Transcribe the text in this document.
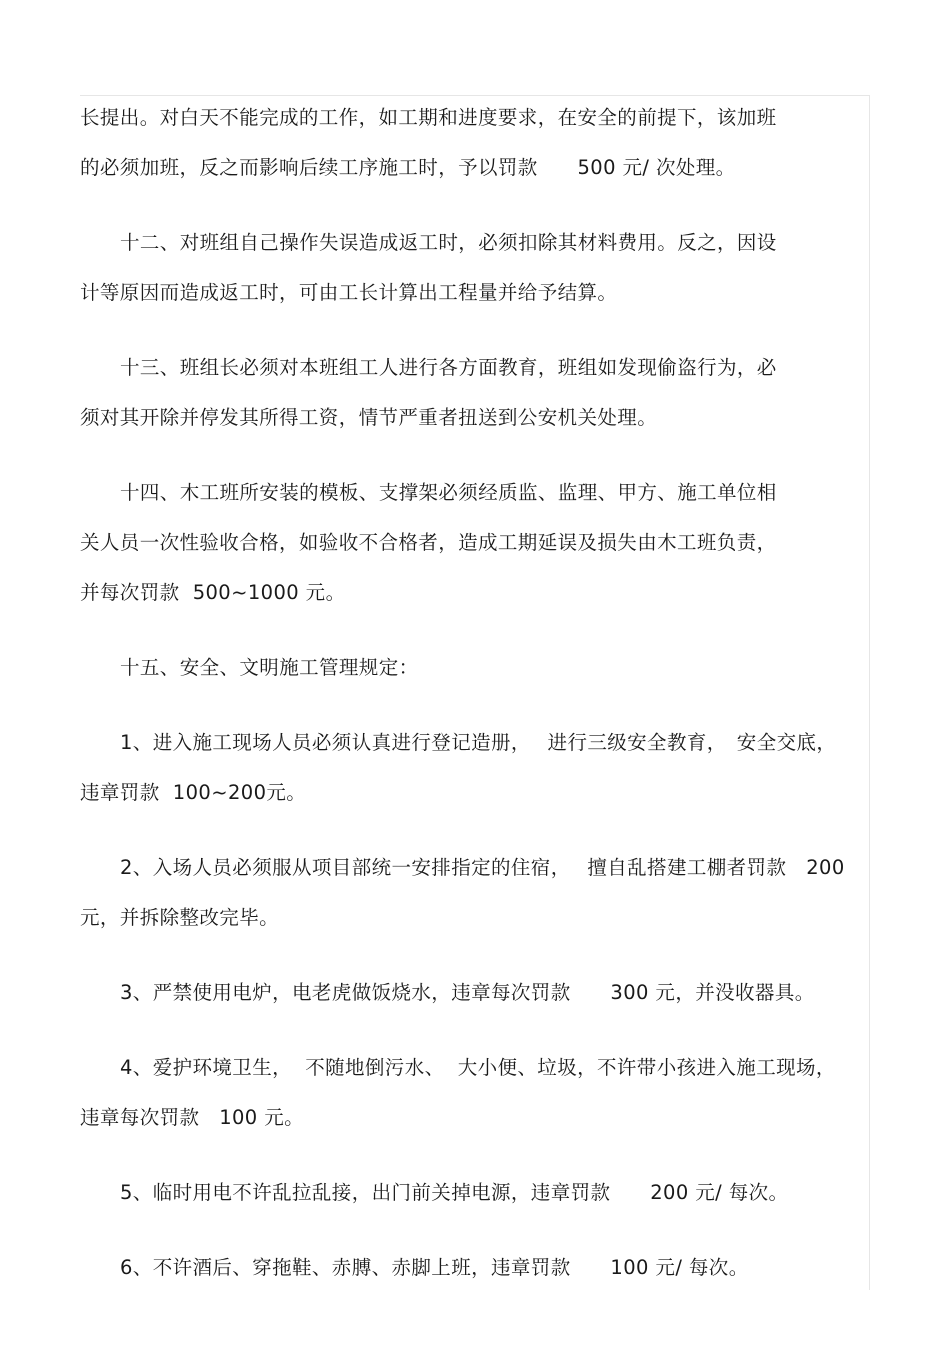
长提出。对白天不能完成的工作，如工期和进度要求，在安全的前提下，该加班
的必须加班，反之而影响后续工序施工时，予以罚款　　500 元/ 次处理。
十二、对班组自己操作失误造成返工时，必须扣除其材料费用。反之，因设
计等原因而造成返工时，可由工长计算出工程量并给予结算。
十三、班组长必须对本班组工人进行各方面教育，班组如发现偷盗行为，必
须对其开除并停发其所得工资，情节严重者扭送到公安机关处理。
十四、木工班所安装的模板、支撑架必须经质监、监理、甲方、施工单位相
关人员一次性验收合格，如验收不合格者，造成工期延误及损失由木工班负责，
并每次罚款  500~1000 元。
十五、安全、文明施工管理规定：
1、进入施工现场人员必须认真进行登记造册，　 进行三级安全教育，　安全交底，
违章罚款  100~200元。
2、入场人员必须服从项目部统一安排指定的住宿，　 擅自乱搭建工棚者罚款　200
元，并拆除整改完毕。
3、严禁使用电炉，电老虎做饭烧水，违章每次罚款　　300 元，并没收器具。
4、爱护环境卫生，  不随地倒污水、  大小便、垃圾，不许带小孩进入施工现场，
违章每次罚款   100 元。
5、临时用电不许乱拉乱接，出门前关掉电源，违章罚款　　200 元/ 每次。
6、不许酒后、穿拖鞋、赤膊、赤脚上班，违章罚款　　100 元/ 每次。
